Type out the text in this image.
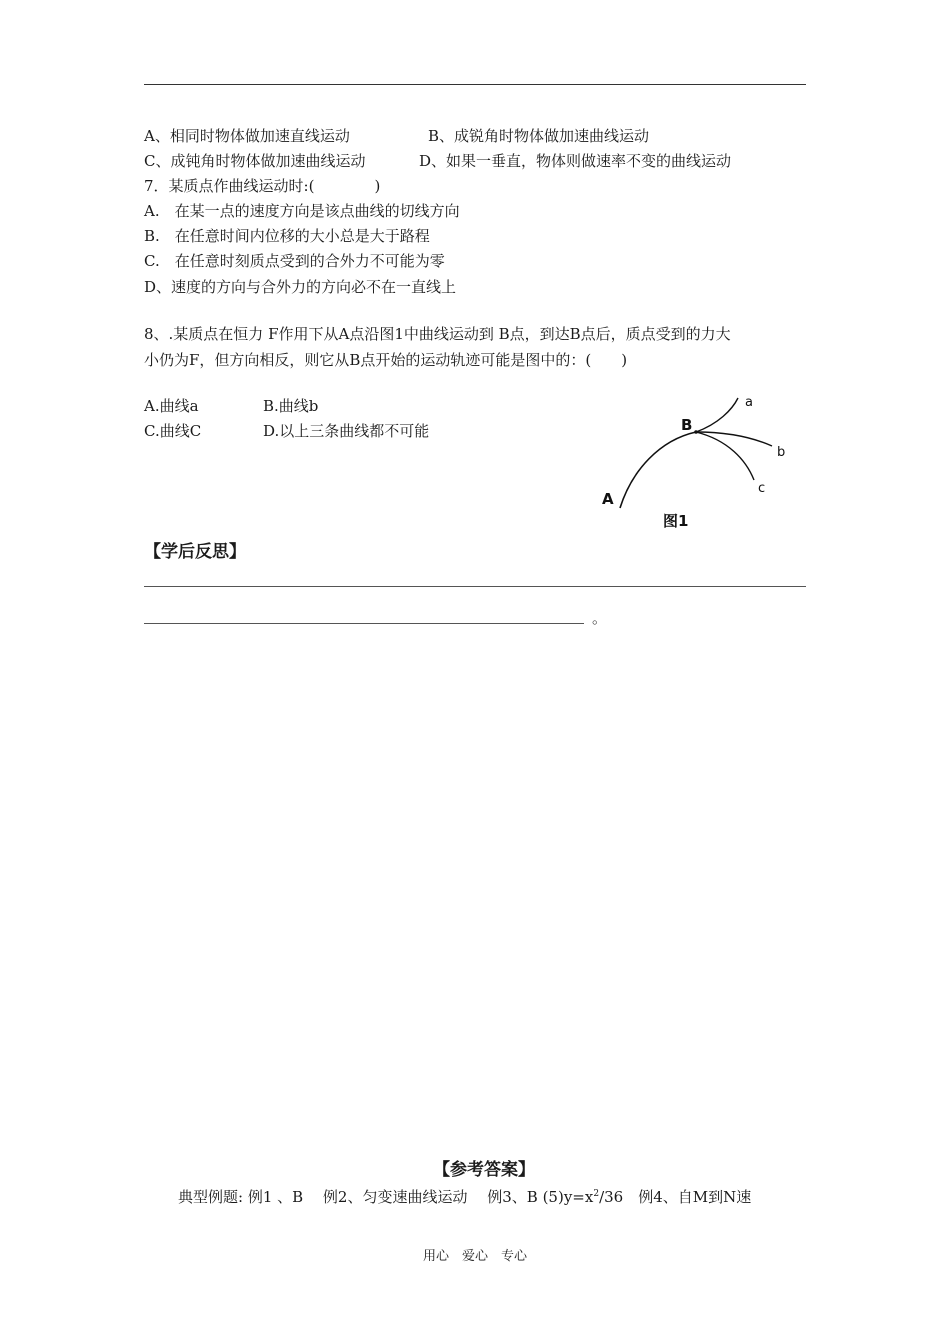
A、相同时物体做加速直线运动	B、成锐角时物体做加速曲线运动
C、成钝角时物体做加速曲线运动	D、如果一垂直，物体则做速率不变的曲线运动
7．某质点作曲线运动时:(　　　　)
A.　在某一点的速度方向是该点曲线的切线方向
B.　在任意时间内位移的大小总是大于路程
C.　在任意时刻质点受到的合外力不可能为零
D、速度的方向与合外力的方向必不在一直线上
8、.某质点在恒力 F作用下从A点沿图1中曲线运动到 B点，到达B点后，质点受到的力大
小仍为F，但方向相反，则它从B点开始的运动轨迹可能是图中的：(　　)
A.曲线a	B.曲线b
C.曲线C	D.以上三条曲线都不可能
A
B
a
b
c
图1
【学后反思】
。
【参考答案】
典型例题: 例1 、B　 例2、匀变速曲线运动　 例3、B $(5)y=x^2/36$　例4、自M到N速
用心　爱心　专心
